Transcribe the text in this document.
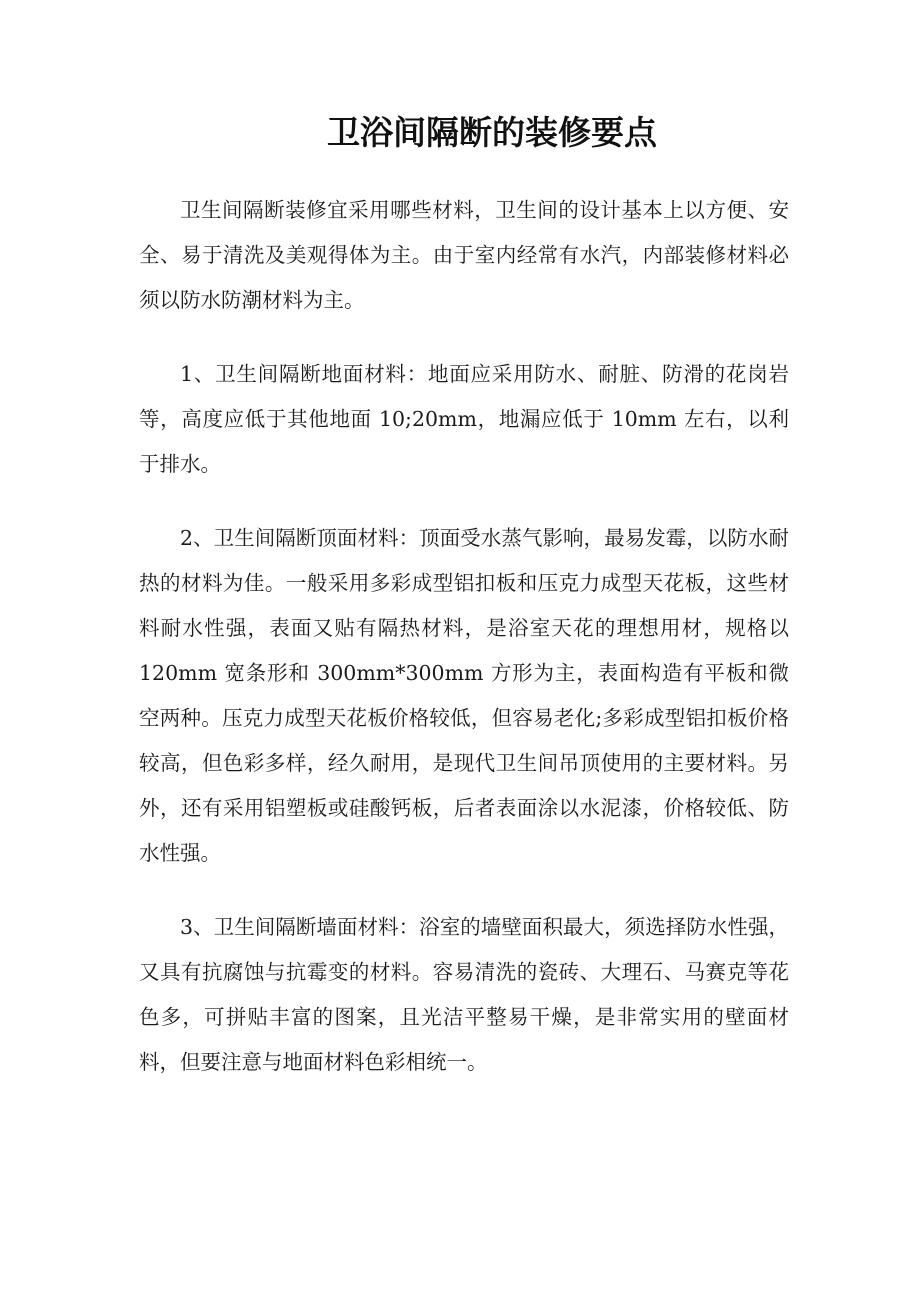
卫浴间隔断的装修要点

卫生间隔断装修宜采用哪些材料，卫生间的设计基本上以方便、安全、易于清洗及美观得体为主。由于室内经常有水汽，内部装修材料必须以防水防潮材料为主。

1、卫生间隔断地面材料：地面应采用防水、耐脏、防滑的花岗岩等，高度应低于其他地面 10;20mm，地漏应低于 10mm 左右，以利于排水。

2、卫生间隔断顶面材料：顶面受水蒸气影响，最易发霉，以防水耐热的材料为佳。一般采用多彩成型铝扣板和压克力成型天花板，这些材料耐水性强，表面又贴有隔热材料，是浴室天花的理想用材，规格以 120mm 宽条形和 300mm*300mm 方形为主，表面构造有平板和微空两种。压克力成型天花板价格较低，但容易老化;多彩成型铝扣板价格较高，但色彩多样，经久耐用，是现代卫生间吊顶使用的主要材料。另外，还有采用铝塑板或硅酸钙板，后者表面涂以水泥漆，价格较低、防水性强。

3、卫生间隔断墙面材料：浴室的墙壁面积最大，须选择防水性强，又具有抗腐蚀与抗霉变的材料。容易清洗的瓷砖、大理石、马赛克等花色多，可拼贴丰富的图案，且光洁平整易干燥，是非常实用的壁面材料，但要注意与地面材料色彩相统一。
